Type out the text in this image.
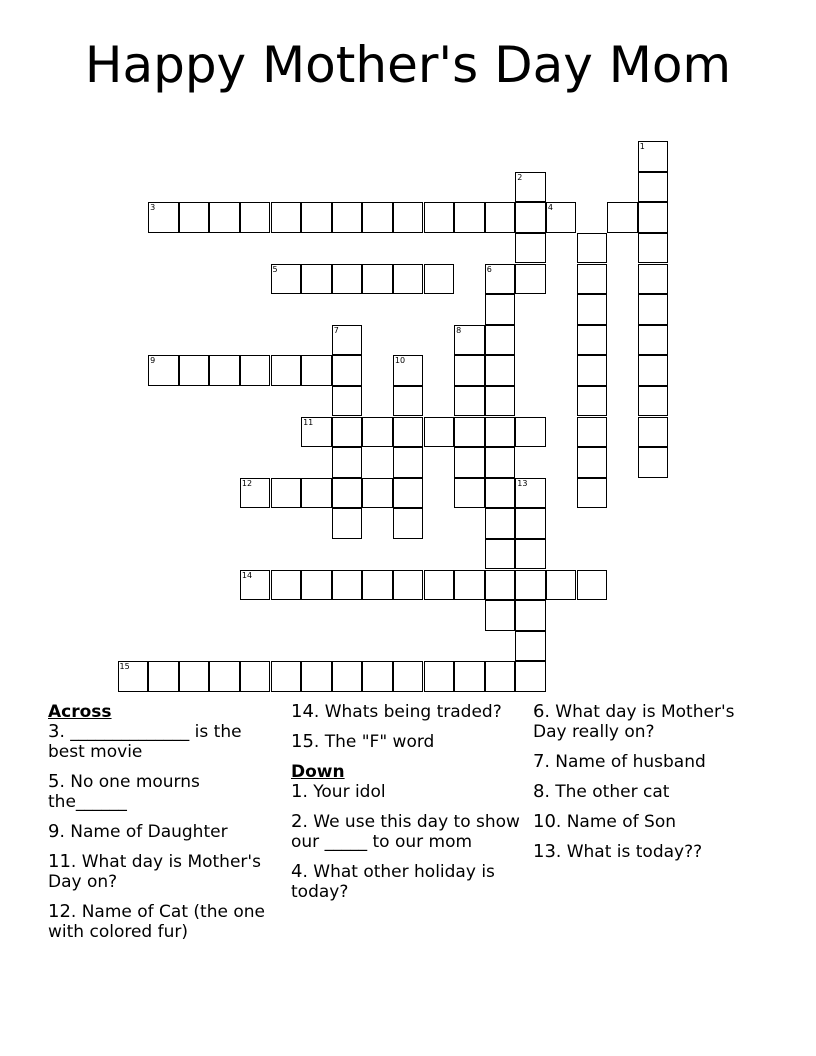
Happy Mother's Day Mom
1
2
3	4
5	6
7	8
9	10
11
12	13
14
15
Across
3. ______________ is the best movie
5. No one mourns the______
9. Name of Daughter
11. What day is Mother's Day on?
12. Name of Cat (the one with colored fur)
14. Whats being traded?
15. The "F" word
Down
1. Your idol
2. We use this day to show our _____ to our mom
4. What other holiday is today?
6. What day is Mother's Day really on?
7. Name of husband
8. The other cat
10. Name of Son
13. What is today??
